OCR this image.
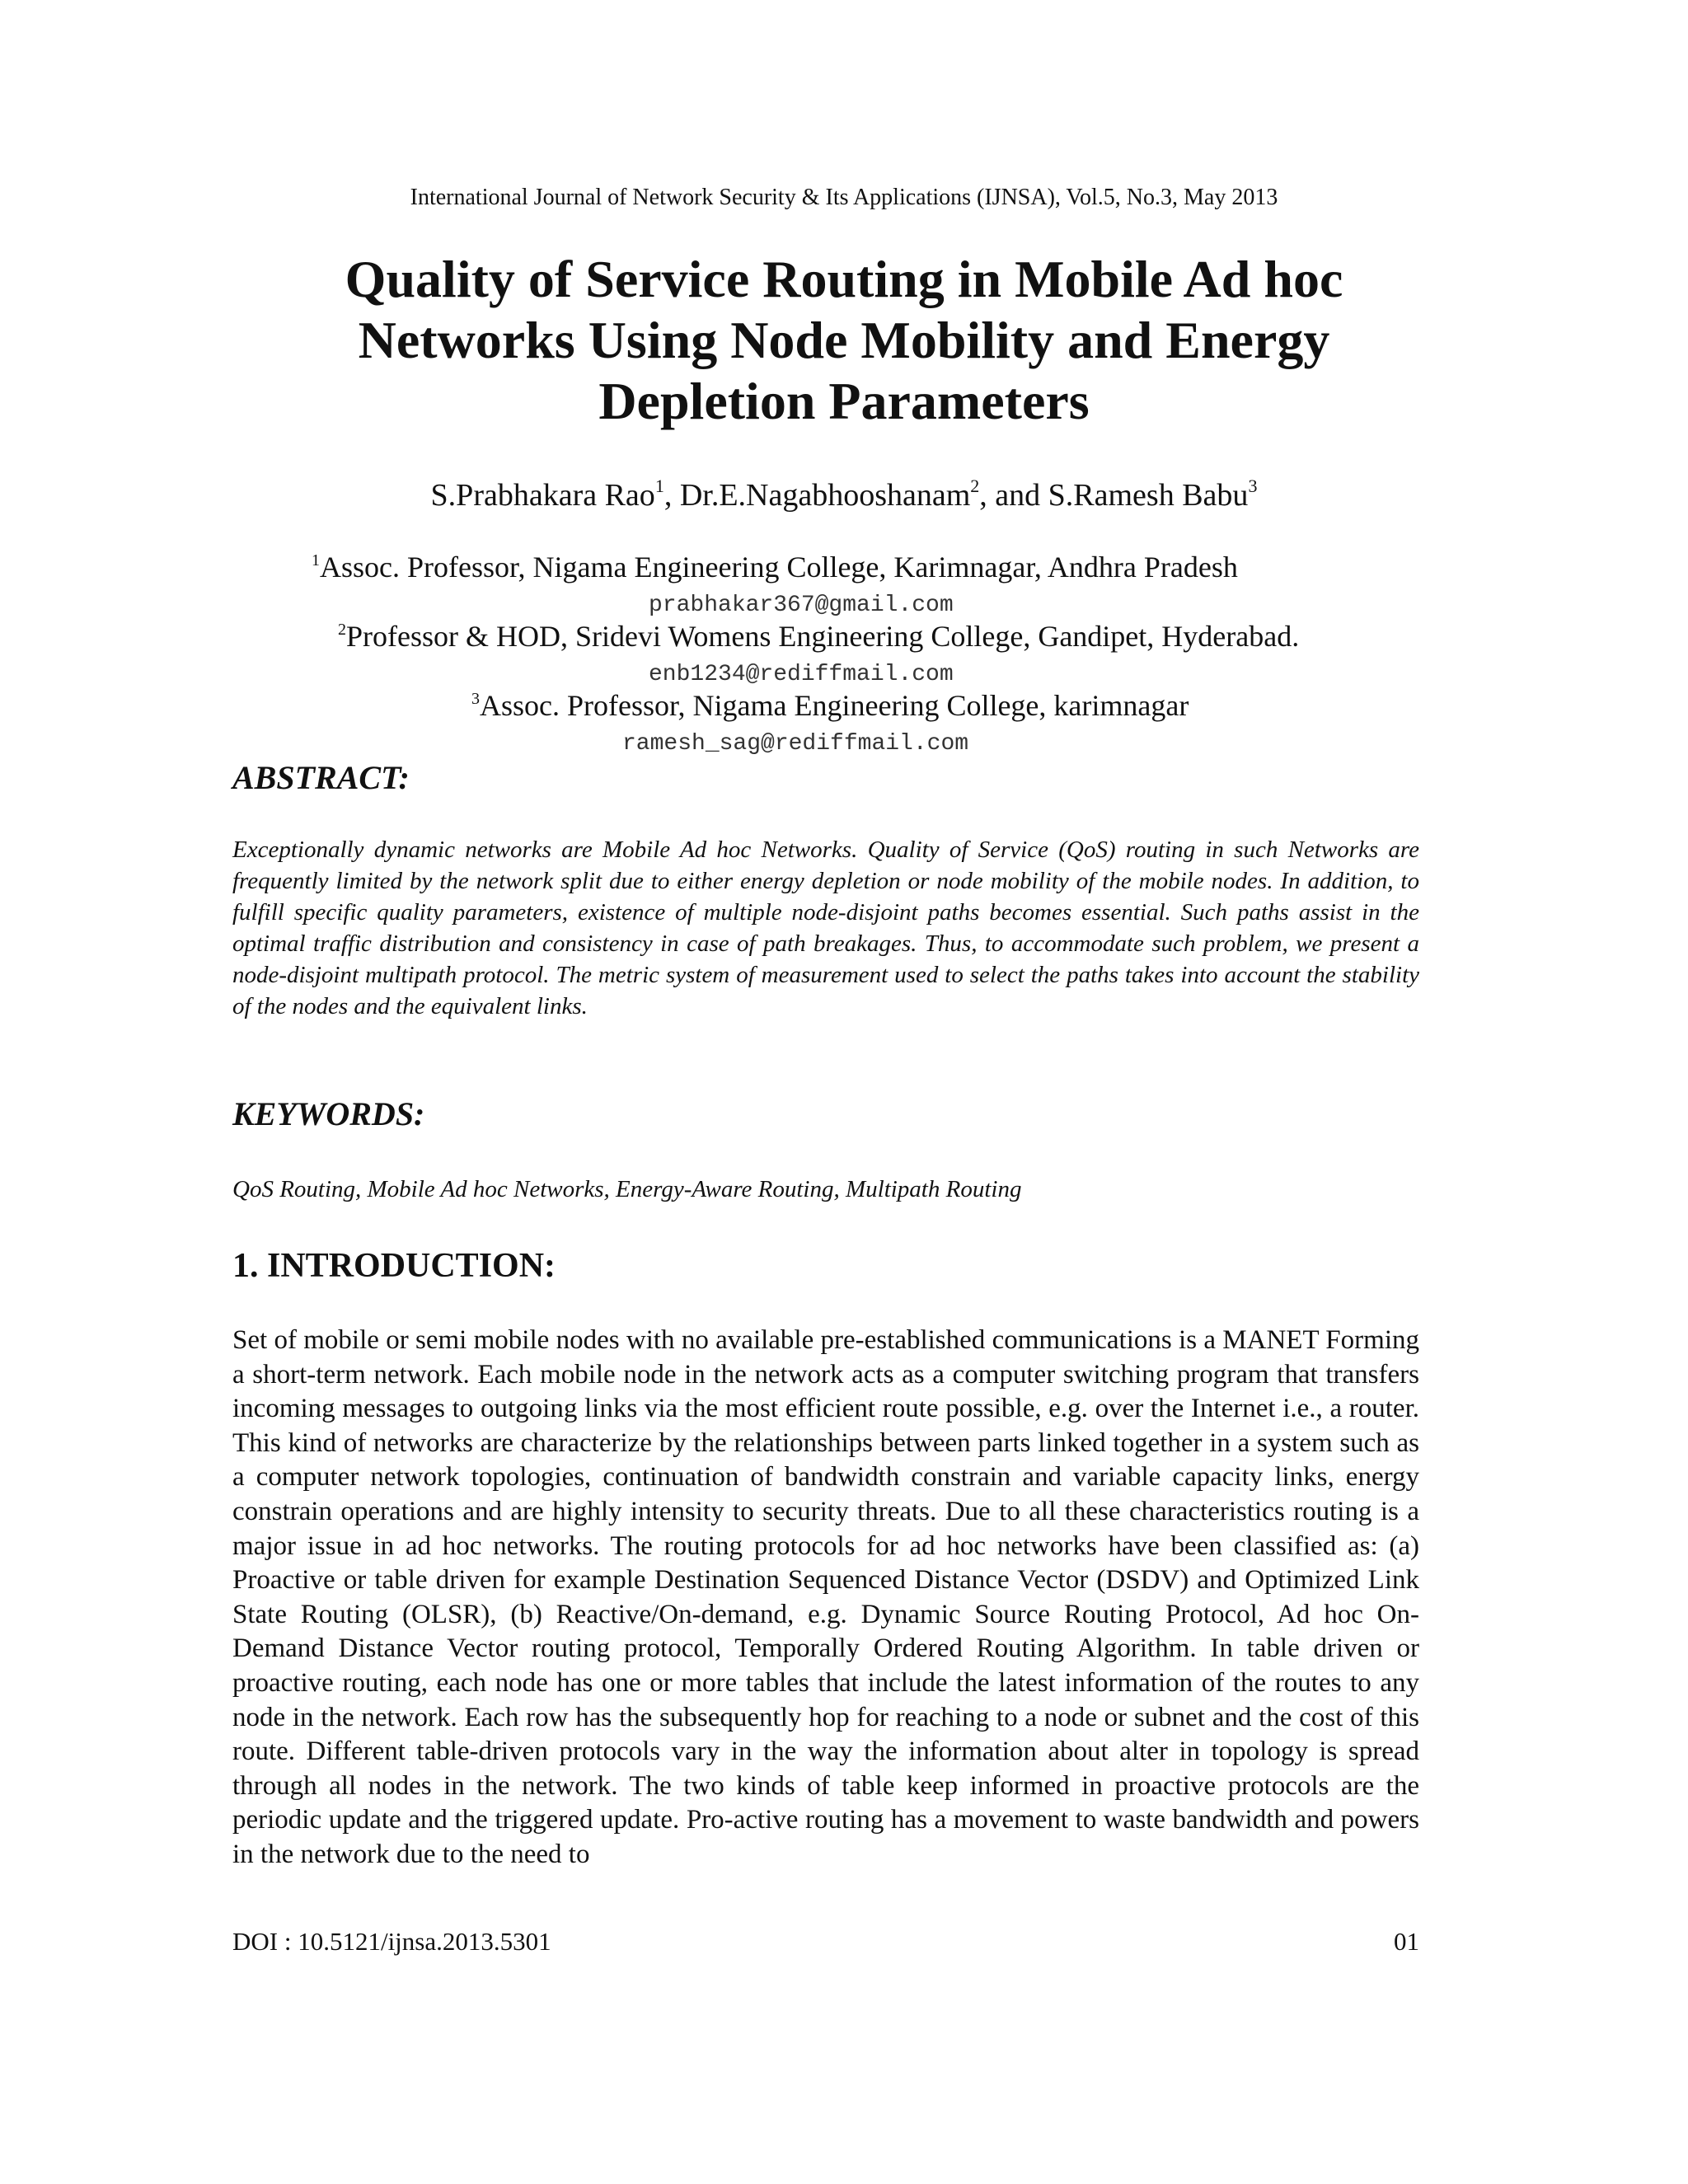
International Journal of Network Security & Its Applications (IJNSA), Vol.5, No.3, May 2013
Quality of Service Routing in Mobile Ad hoc
Networks Using Node Mobility and Energy
Depletion Parameters
S.Prabhakara Rao$^1$, Dr.E.Nagabhooshanam$^2$, and S.Ramesh Babu$^3$
$^1$Assoc. Professor, Nigama Engineering College, Karimnagar, Andhra Pradesh
prabhakar367@gmail.com
$^2$Professor & HOD, Sridevi Womens Engineering College, Gandipet, Hyderabad.
enb1234@rediffmail.com
$^3$Assoc. Professor, Nigama Engineering College, karimnagar
ramesh_sag@rediffmail.com
ABSTRACT:

Exceptionally dynamic networks are Mobile Ad hoc Networks. Quality of Service (QoS) routing in such Networks are frequently limited by the network split due to either energy depletion or node mobility of the mobile nodes. In addition, to fulfill specific quality parameters, existence of multiple node-disjoint paths becomes essential. Such paths assist in the optimal traffic distribution and consistency in case of path breakages. Thus, to accommodate such problem, we present a node-disjoint multipath protocol. The metric system of measurement used to select the paths takes into account the stability of the nodes and the equivalent links.

KEYWORDS:

QoS Routing, Mobile Ad hoc Networks, Energy-Aware Routing, Multipath Routing

1. INTRODUCTION:

Set of mobile or semi mobile nodes with no available pre-established communications is a MANET Forming a short-term network. Each mobile node in the network acts as a computer switching program that transfers incoming messages to outgoing links via the most efficient route possible, e.g. over the Internet i.e., a router. This kind of networks are characterize by the relationships between parts linked together in a system such as a computer network topologies, continuation of bandwidth constrain and variable capacity links, energy constrain operations and are highly intensity to security threats. Due to all these characteristics routing is a major issue in ad hoc networks. The routing protocols for ad hoc networks have been classified as: (a) Proactive or table driven for example Destination Sequenced Distance Vector (DSDV) and Optimized Link State Routing (OLSR), (b) Reactive/On-demand, e.g. Dynamic Source Routing Protocol, Ad hoc On-Demand Distance Vector routing protocol, Temporally Ordered Routing Algorithm. In table driven or proactive routing, each node has one or more tables that include the latest information of the routes to any node in the network. Each row has the subsequently hop for reaching to a node or subnet and the cost of this route. Different table-driven protocols vary in the way the information about alter in topology is spread through all nodes in the network. The two kinds of table keep informed in proactive protocols are the periodic update and the triggered update. Pro-active routing has a movement to waste bandwidth and powers in the network due to the need to

DOI : 10.5121/ijnsa.2013.5301	01
